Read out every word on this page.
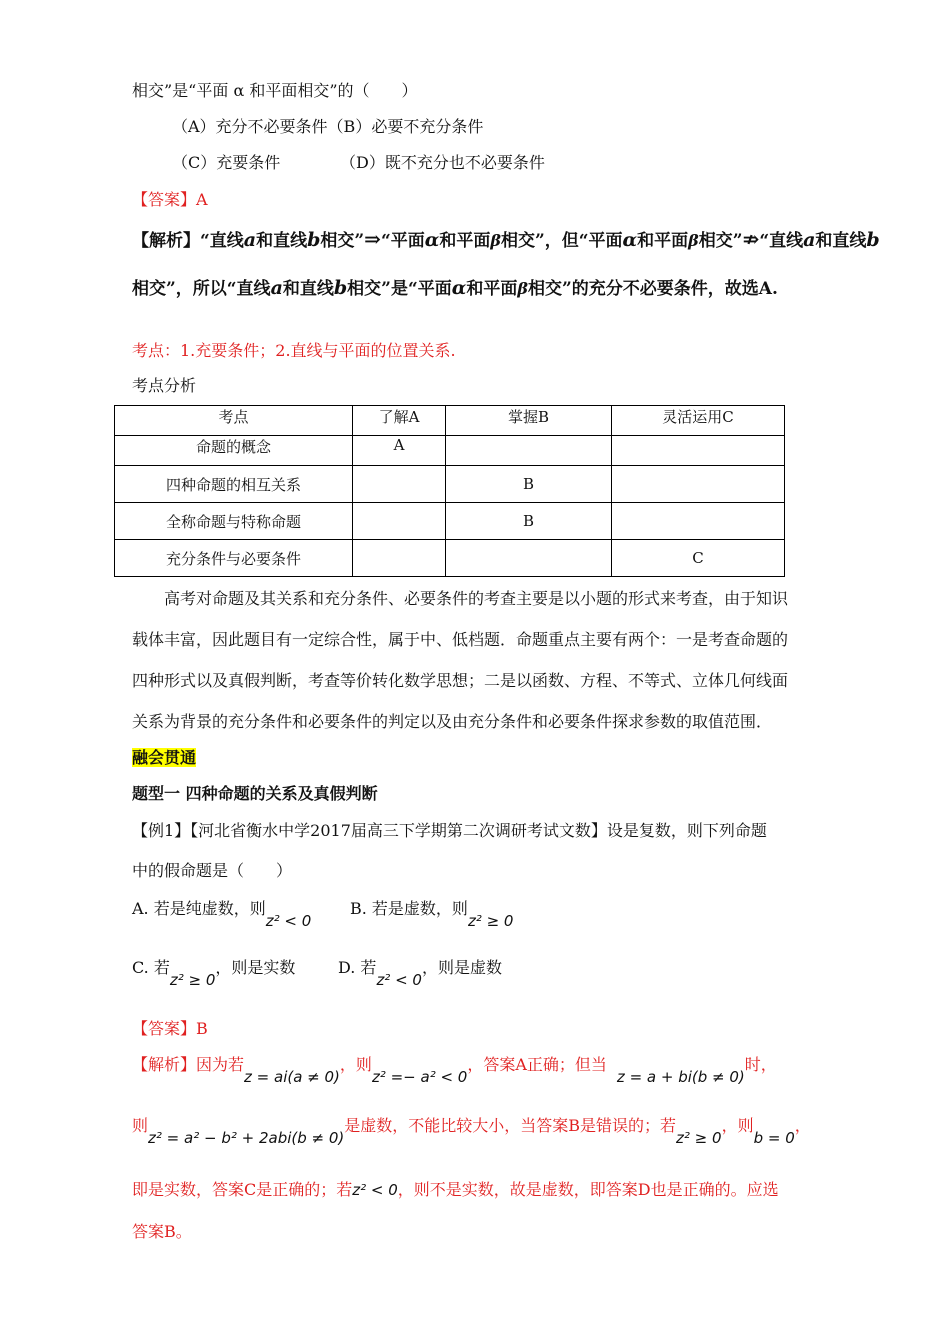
相交”是“平面 α 和平面相交”的（　　）
（A）充分不必要条件（B）必要不充分条件
（C）充要条件	（D）既不充分也不必要条件
【答案】A
【解析】“直线a和直线b相交”⇒“平面α和平面β相交”，但“平面α和平面β相交”⇏“直线a和直线b
相交”，所以“直线a和直线b相交”是“平面α和平面β相交”的充分不必要条件，故选A.
考点：1.充要条件；2.直线与平面的位置关系.
考点分析
考点	了解A	掌握B	灵活运用C
命题的概念	A		
四种命题的相互关系		B	
全称命题与特称命题		B	
充分条件与必要条件			C
高考对命题及其关系和充分条件、必要条件的考查主要是以小题的形式来考查，由于知识
载体丰富，因此题目有一定综合性，属于中、低档题．命题重点主要有两个：一是考查命题的
四种形式以及真假判断，考查等价转化数学思想；二是以函数、方程、不等式、立体几何线面
关系为背景的充分条件和必要条件的判定以及由充分条件和必要条件探求参数的取值范围．
融会贯通
题型一 四种命题的关系及真假判断
【例1】【河北省衡水中学2017届高三下学期第二次调研考试文数】设是复数，则下列命题
中的假命题是（　　）
A. 若是纯虚数，则z² < 0
B. 若是虚数，则z² ≥ 0
C. 若z² ≥ 0，则是实数	D. 若z² < 0，则是虚数
【答案】B
【解析】因为若z = ai(a ≠ 0)，则z² =− a² < 0，答案A正确；但当z = a + bi(b ≠ 0)时，
则z² = a² − b² + 2abi(b ≠ 0)是虚数，不能比较大小，当答案B是错误的；若z² ≥ 0，则b = 0，
即是实数，答案C是正确的；若z² < 0，则不是实数，故是虚数，即答案D也是正确的。应选
答案B。
